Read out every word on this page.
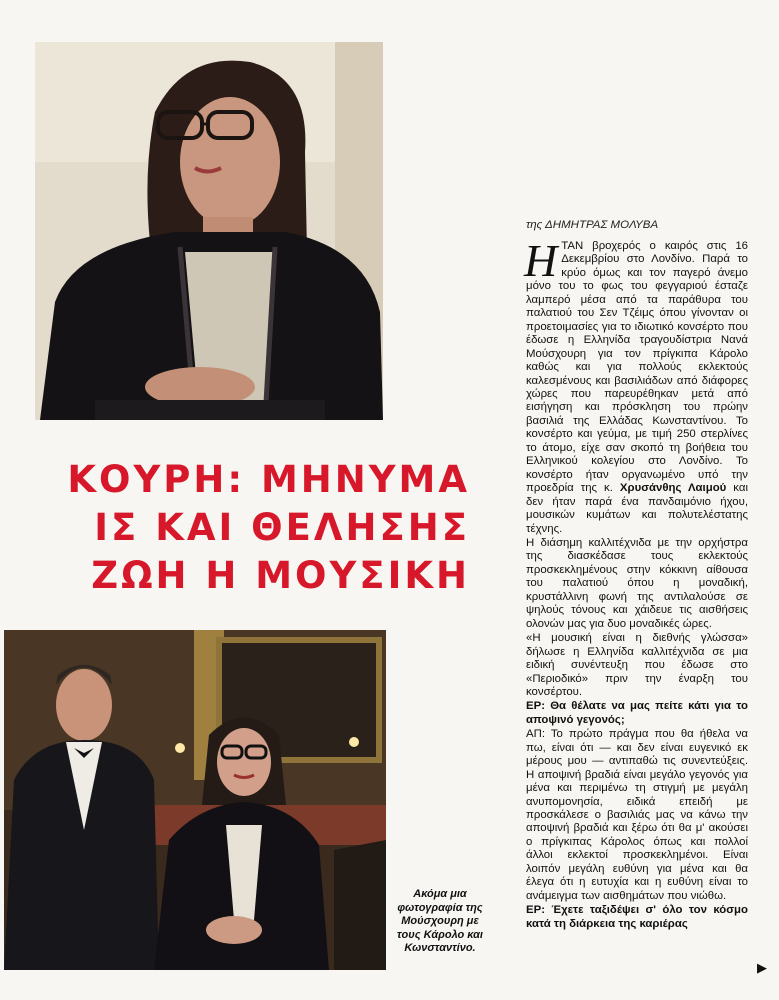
ΚΟΥΡΗ: ΜΗΝΥΜΑ
ΙΣ ΚΑΙ ΘΕΛΗΣΗΣ
ΖΩΗ Η ΜΟΥΣΙΚΗ
Ακόμα μια φωτογραφία της Μούσχουρη με τους Κάρολο και Κωνσταντίνο.
της ΔΗΜΗΤΡΑΣ ΜΟΛΥΒΑ

ΗΤΑΝ βροχερός ο καιρός στις 16 Δεκεμβρίου στο Λονδίνο. Παρά το κρύο όμως και τον παγερό άνεμο μόνο του το φως του φεγγαριού έσταζε λαμπερό μέσα από τα παράθυρα του παλατιού του Σεν Τζέιμς όπου γίνονταν οι προετοιμασίες για το ιδιωτικό κονσέρτο που έδωσε η Ελληνίδα τραγουδίστρια Νανά Μούσχουρη για τον πρίγκιπα Κάρολο καθώς και για πολλούς εκλεκτούς καλεσμένους και βασιλιάδων από διάφορες χώρες που παρευρέθηκαν μετά από εισήγηση και πρόσκληση του πρώην βασιλιά της Ελλάδας Κωνσταντίνου. Το κονσέρτο και γεύμα, με τιμή 250 στερλίνες το άτομο, είχε σαν σκοπό τη βοήθεια του Ελληνικού κολεγίου στο Λονδίνο. Το κονσέρτο ήταν οργανωμένο υπό την προεδρία της κ. Χρυσάνθης Λαιμού και δεν ήταν παρά ένα πανδαιμόνιο ήχου, μουσικών κυμάτων και πολυτελέστατης τέχνης.

Η διάσημη καλλιτέχνιδα με την ορχήστρα της διασκέδασε τους εκλεκτούς προσκεκλημένους στην κόκκινη αίθουσα του παλατιού όπου η μοναδική, κρυστάλλινη φωνή της αντιλαλούσε σε ψηλούς τόνους και χάιδευε τις αισθήσεις ολονών μας για δυο μοναδικές ώρες.

«Η μουσική είναι η διεθνής γλώσσα» δήλωσε η Ελληνίδα καλλιτέχνιδα σε μια ειδική συνέντευξη που έδωσε στο «Περιοδικό» πριν την έναρξη του κονσέρτου.

ΕΡ: Θα θέλατε να μας πείτε κάτι για το αποψινό γεγονός;

ΑΠ: Το πρώτο πράγμα που θα ήθελα να πω, είναι ότι — και δεν είναι ευγενικό εκ μέρους μου — αντιπαθώ τις συνεντεύξεις. Η αποψινή βραδιά είναι μεγάλο γεγονός για μένα και περιμένω τη στιγμή με μεγάλη ανυπομονησία, ειδικά επειδή με προσκάλεσε ο βασιλιάς μας να κάνω την αποψινή βραδιά και ξέρω ότι θα μ' ακούσει ο πρίγκιπας Κάρολος όπως και πολλοί άλλοι εκλεκτοί προσκεκλημένοι. Είναι λοιπόν μεγάλη ευθύνη για μένα και θα έλεγα ότι η ευτυχία και η ευθύνη είναι το ανάμειγμα των αισθημάτων που νιώθω.

ΕΡ: Έχετε ταξιδέψει σ' όλο τον κόσμο κατά τη διάρκεια της καριέρας

▶
